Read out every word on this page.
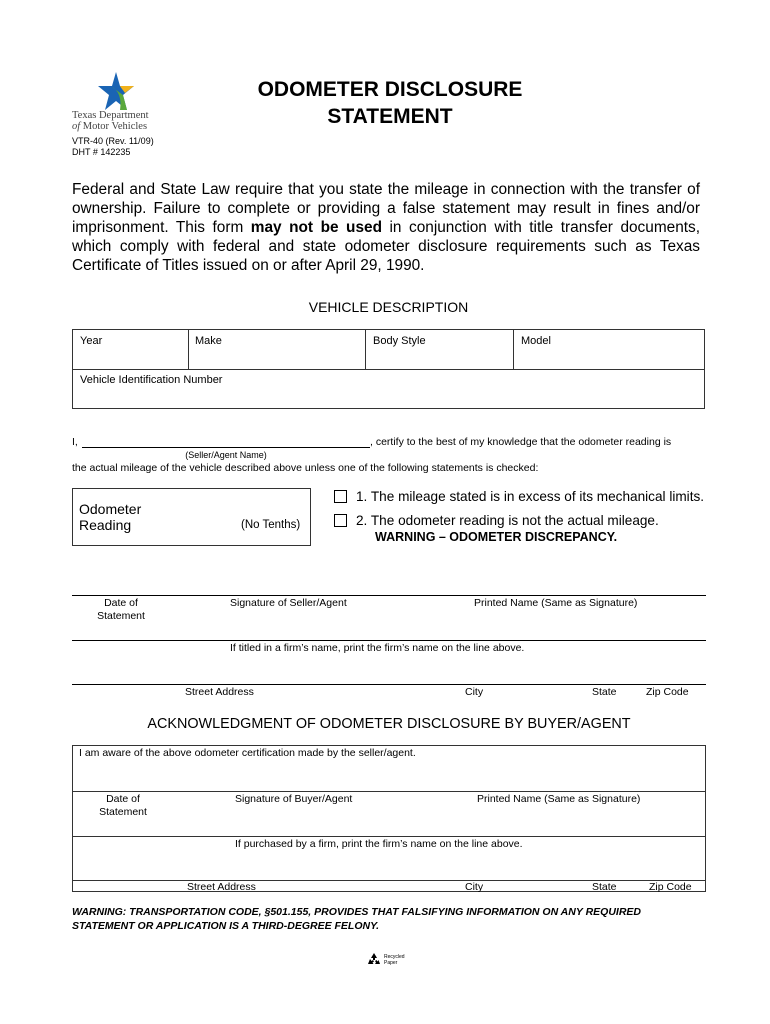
Texas Department
of Motor Vehicles
VTR-40 (Rev. 11/09)
DHT # 142235
ODOMETER DISCLOSURE
STATEMENT
Federal and State Law require that you state the mileage in connection with the transfer of ownership. Failure to complete or providing a false statement may result in fines and/or imprisonment. This form may not be used in conjunction with title transfer documents, which comply with federal and state odometer disclosure requirements such as Texas Certificate of Titles issued on or after April 29, 1990.
VEHICLE DESCRIPTION
Year	Make	Body Style	Model
Vehicle Identification Number
I,	, certify to the best of my knowledge that the odometer reading is
(Seller/Agent Name)
the actual mileage of the vehicle described above unless one of the following statements is checked:
Odometer
Reading	(No Tenths)
1. The mileage stated is in excess of its mechanical limits.
2. The odometer reading is not the actual mileage.
WARNING – ODOMETER DISCREPANCY.
Date of
Statement
Signature of Seller/Agent	Printed Name (Same as Signature)
If titled in a firm’s name, print the firm’s name on the line above.
Street Address	City	State	Zip Code
ACKNOWLEDGMENT OF ODOMETER DISCLOSURE BY BUYER/AGENT
I am aware of the above odometer certification made by the seller/agent.
Date of
Statement
Signature of Buyer/Agent	Printed Name (Same as Signature)
If purchased by a firm, print the firm’s name on the line above.
Street Address	City	State	Zip Code
WARNING: TRANSPORTATION CODE, §501.155, PROVIDES THAT FALSIFYING INFORMATION ON ANY REQUIRED
STATEMENT OR APPLICATION IS A THIRD-DEGREE FELONY.
Recycled
Paper
